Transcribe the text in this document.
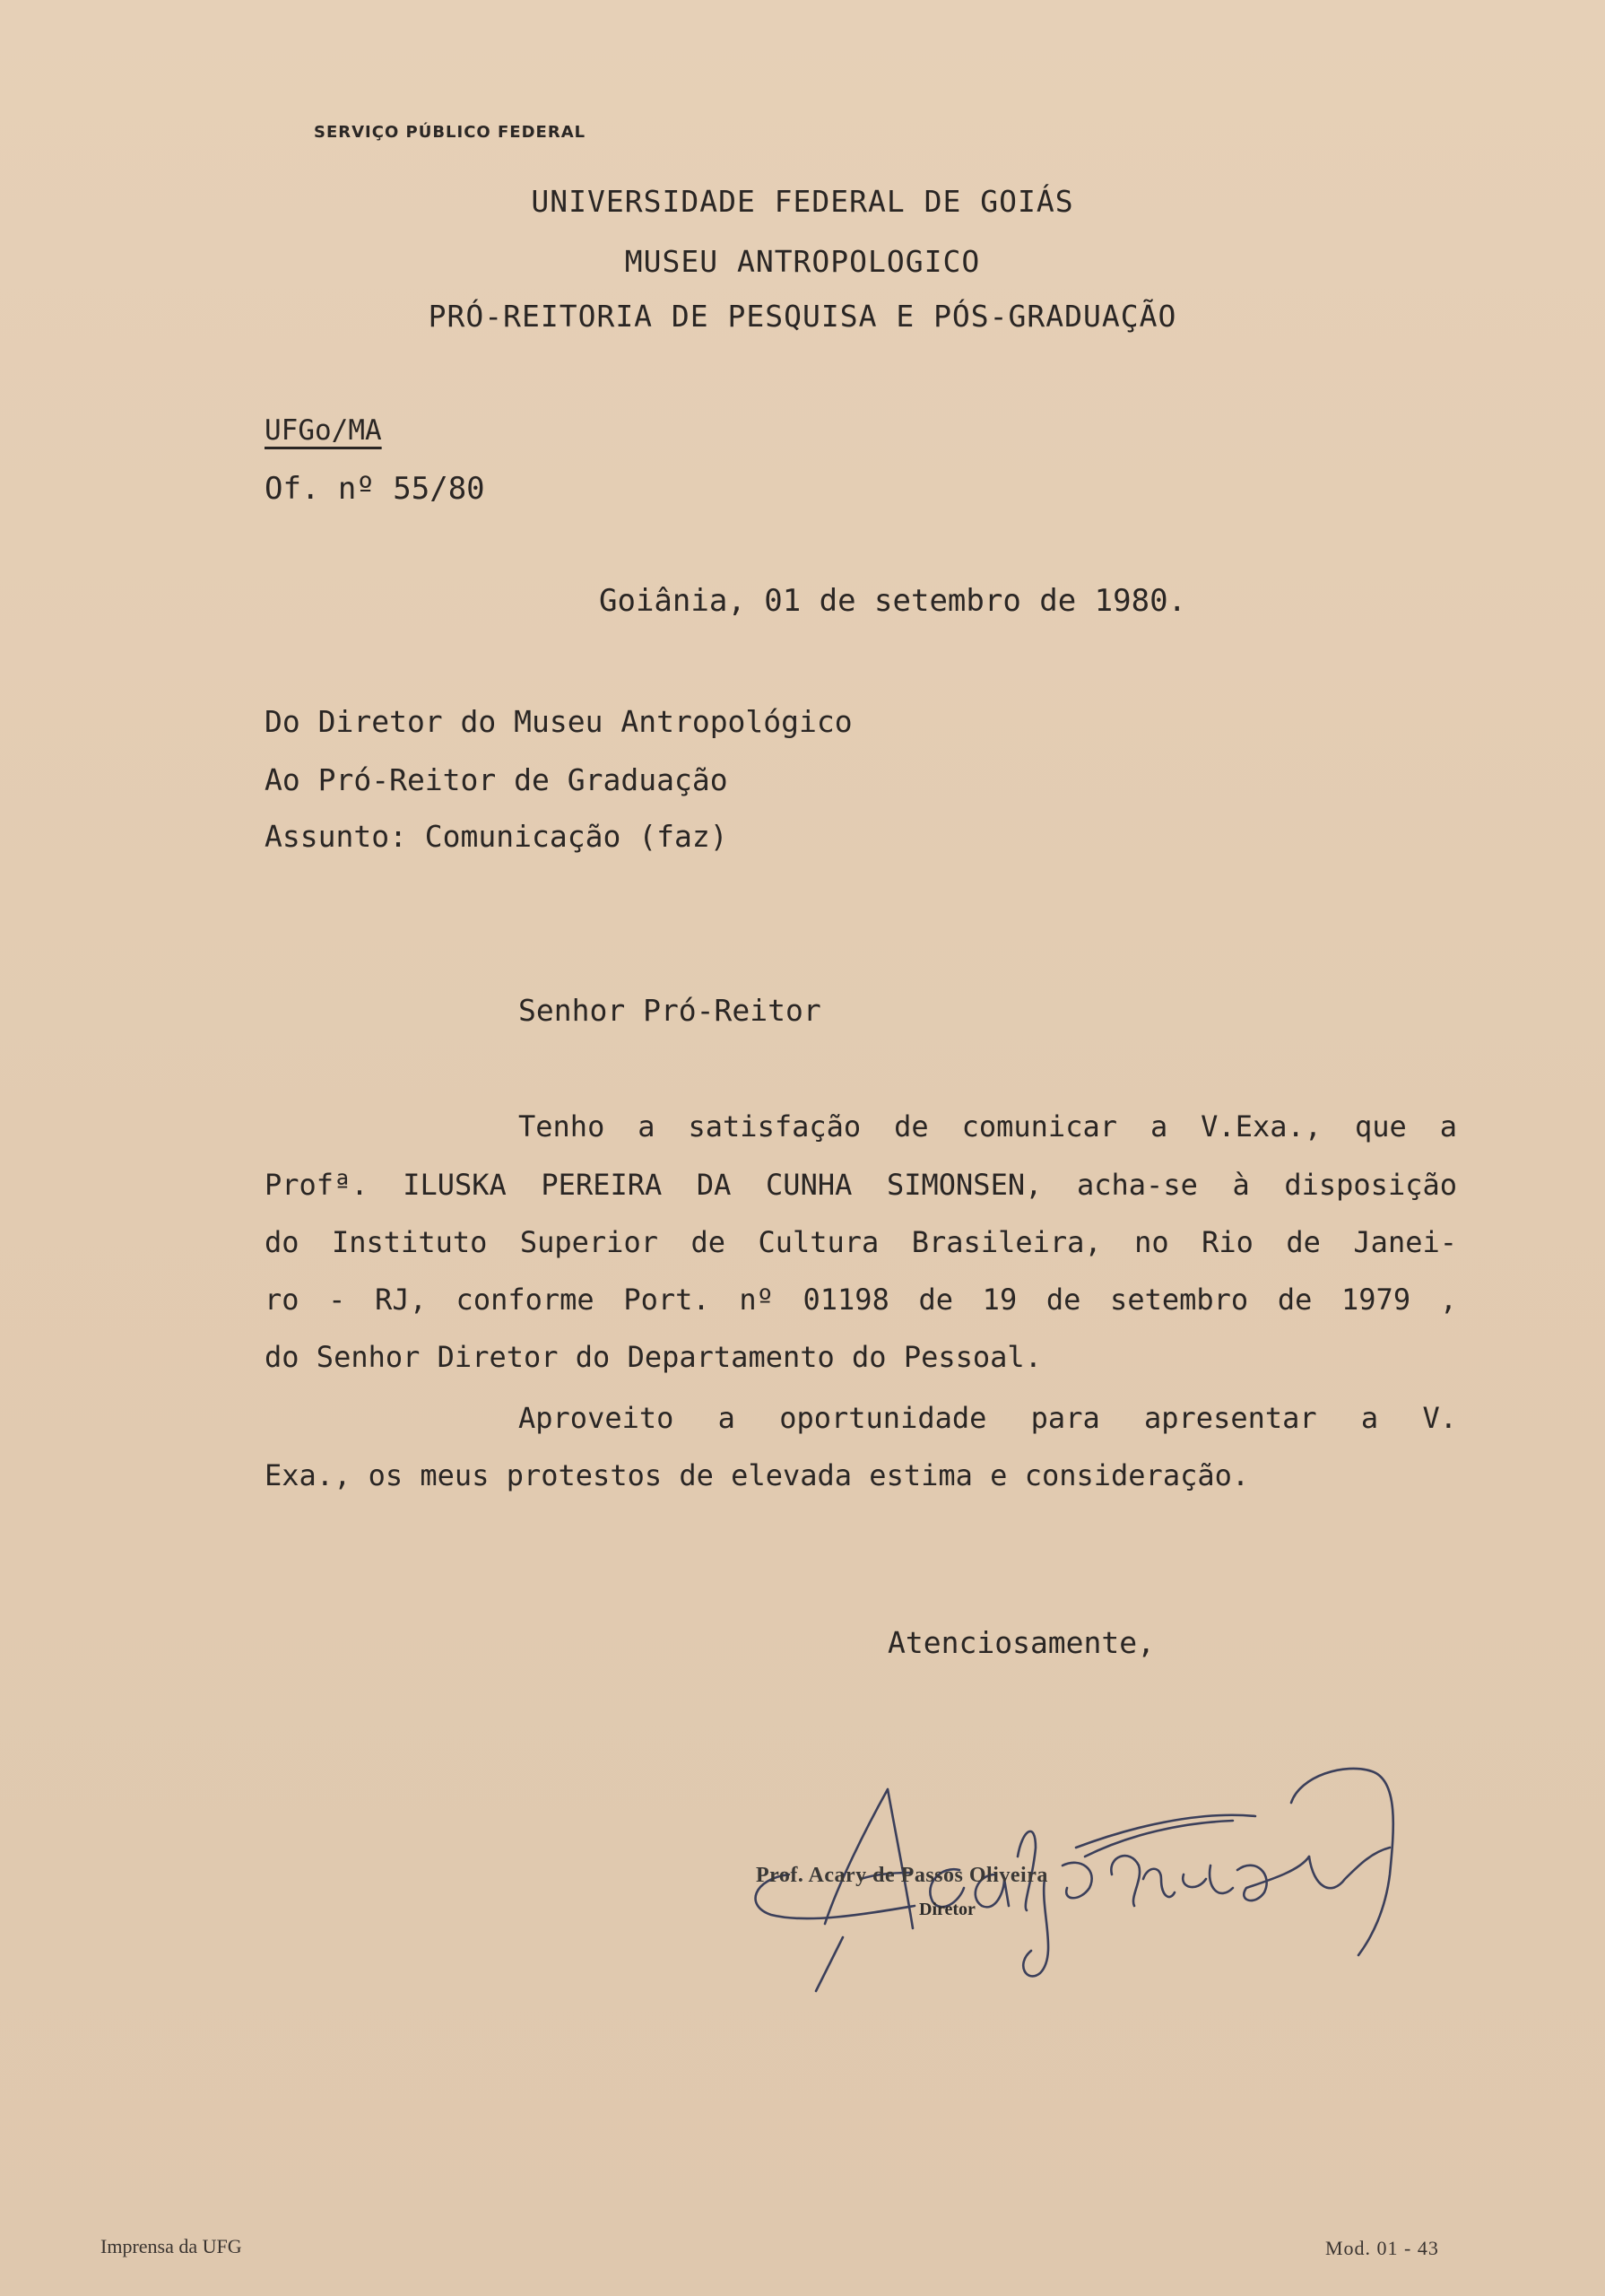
SERVIÇO PÚBLICO FEDERAL
UNIVERSIDADE FEDERAL DE GOIÁS
MUSEU ANTROPOLOGICO
PRÓ-REITORIA DE PESQUISA E PÓS-GRADUAÇÃO
UFGo/MA
Of. nº 55/80
Goiânia, 01 de setembro de 1980.
Do Diretor do Museu Antropológico
Ao Pró-Reitor de Graduação
Assunto: Comunicação (faz)
Senhor Pró-Reitor
Tenho a satisfação de comunicar a V.Exa., que a
Profª. ILUSKA PEREIRA DA CUNHA SIMONSEN, acha-se à disposição
do Instituto Superior de Cultura Brasileira, no Rio de Janei-
ro - RJ, conforme Port. nº 01198 de 19 de setembro de 1979 ,
do Senhor Diretor do Departamento do Pessoal.
Aproveito a oportunidade para apresentar a V.
Exa., os meus protestos de elevada estima e consideração.
Atenciosamente,
Prof. Acary de Passos Oliveira
Diretor
Imprensa da UFG	Mod. 01 - 43
